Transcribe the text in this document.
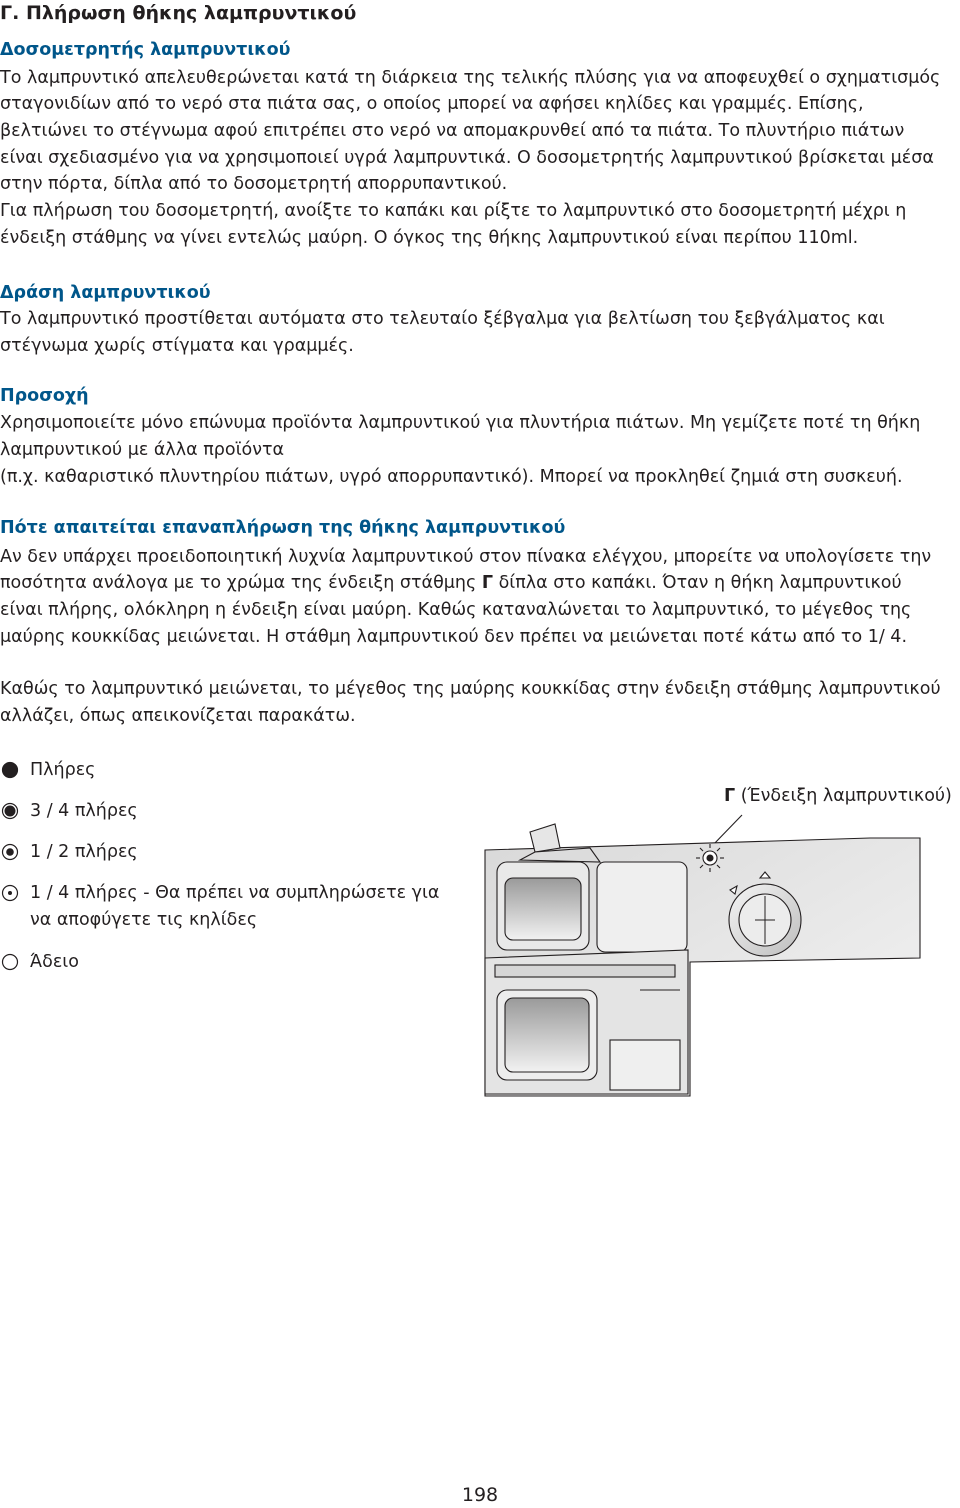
Γ. Πλήρωση θήκης λαμπρυντικού
Δοσομετρητής λαμπρυντικού
Το λαμπρυντικό απελευθερώνεται κατά τη διάρκεια της τελικής πλύσης για να αποφευχθεί ο σχηματισμός
σταγονιδίων από το νερό στα πιάτα σας, ο οποίος μπορεί να αφήσει κηλίδες και γραμμές. Επίσης,
βελτιώνει το στέγνωμα αφού επιτρέπει στο νερό να απομακρυνθεί από τα πιάτα. Το πλυντήριο πιάτων
είναι σχεδιασμένο για να χρησιμοποιεί υγρά λαμπρυντικά. Ο δοσομετρητής λαμπρυντικού βρίσκεται μέσα
στην πόρτα, δίπλα από το δοσομετρητή απορρυπαντικού.
Για πλήρωση του δοσομετρητή, ανοίξτε το καπάκι και ρίξτε το λαμπρυντικό στο δοσομετρητή μέχρι η
ένδειξη στάθμης να γίνει εντελώς μαύρη. Ο όγκος της θήκης λαμπρυντικού είναι περίπου 110ml.
Δράση λαμπρυντικού
Το λαμπρυντικό προστίθεται αυτόματα στο τελευταίο ξέβγαλμα για βελτίωση του ξεβγάλματος και
στέγνωμα χωρίς στίγματα και γραμμές.
Προσοχή
Χρησιμοποιείτε μόνο επώνυμα προϊόντα λαμπρυντικού για πλυντήρια πιάτων. Μη γεμίζετε ποτέ τη θήκη
λαμπρυντικού με άλλα προϊόντα
(π.χ. καθαριστικό πλυντηρίου πιάτων, υγρό απορρυπαντικό). Μπορεί να προκληθεί ζημιά στη συσκευή.
Πότε απαιτείται επαναπλήρωση της θήκης λαμπρυντικού
Αν δεν υπάρχει προειδοποιητική λυχνία λαμπρυντικού στον πίνακα ελέγχου, μπορείτε να υπολογίσετε την
ποσότητα ανάλογα με το χρώμα της ένδειξη στάθμης Γ δίπλα στο καπάκι. Όταν η θήκη λαμπρυντικού
είναι πλήρης, ολόκληρη η ένδειξη είναι μαύρη. Καθώς καταναλώνεται το λαμπρυντικό, το μέγεθος της
μαύρης κουκκίδας μειώνεται. Η στάθμη λαμπρυντικού δεν πρέπει να μειώνεται ποτέ κάτω από το 1/ 4.
Καθώς το λαμπρυντικό μειώνεται, το μέγεθος της μαύρης κουκκίδας στην ένδειξη στάθμης λαμπρυντικού
αλλάζει, όπως απεικονίζεται παρακάτω.
Πλήρες
3 / 4 πλήρες
1 / 2 πλήρες
1 / 4 πλήρες - Θα πρέπει να συμπληρώσετε για
να αποφύγετε τις κηλίδες
Άδειο
Γ (Ένδειξη λαμπρυντικού)
198
